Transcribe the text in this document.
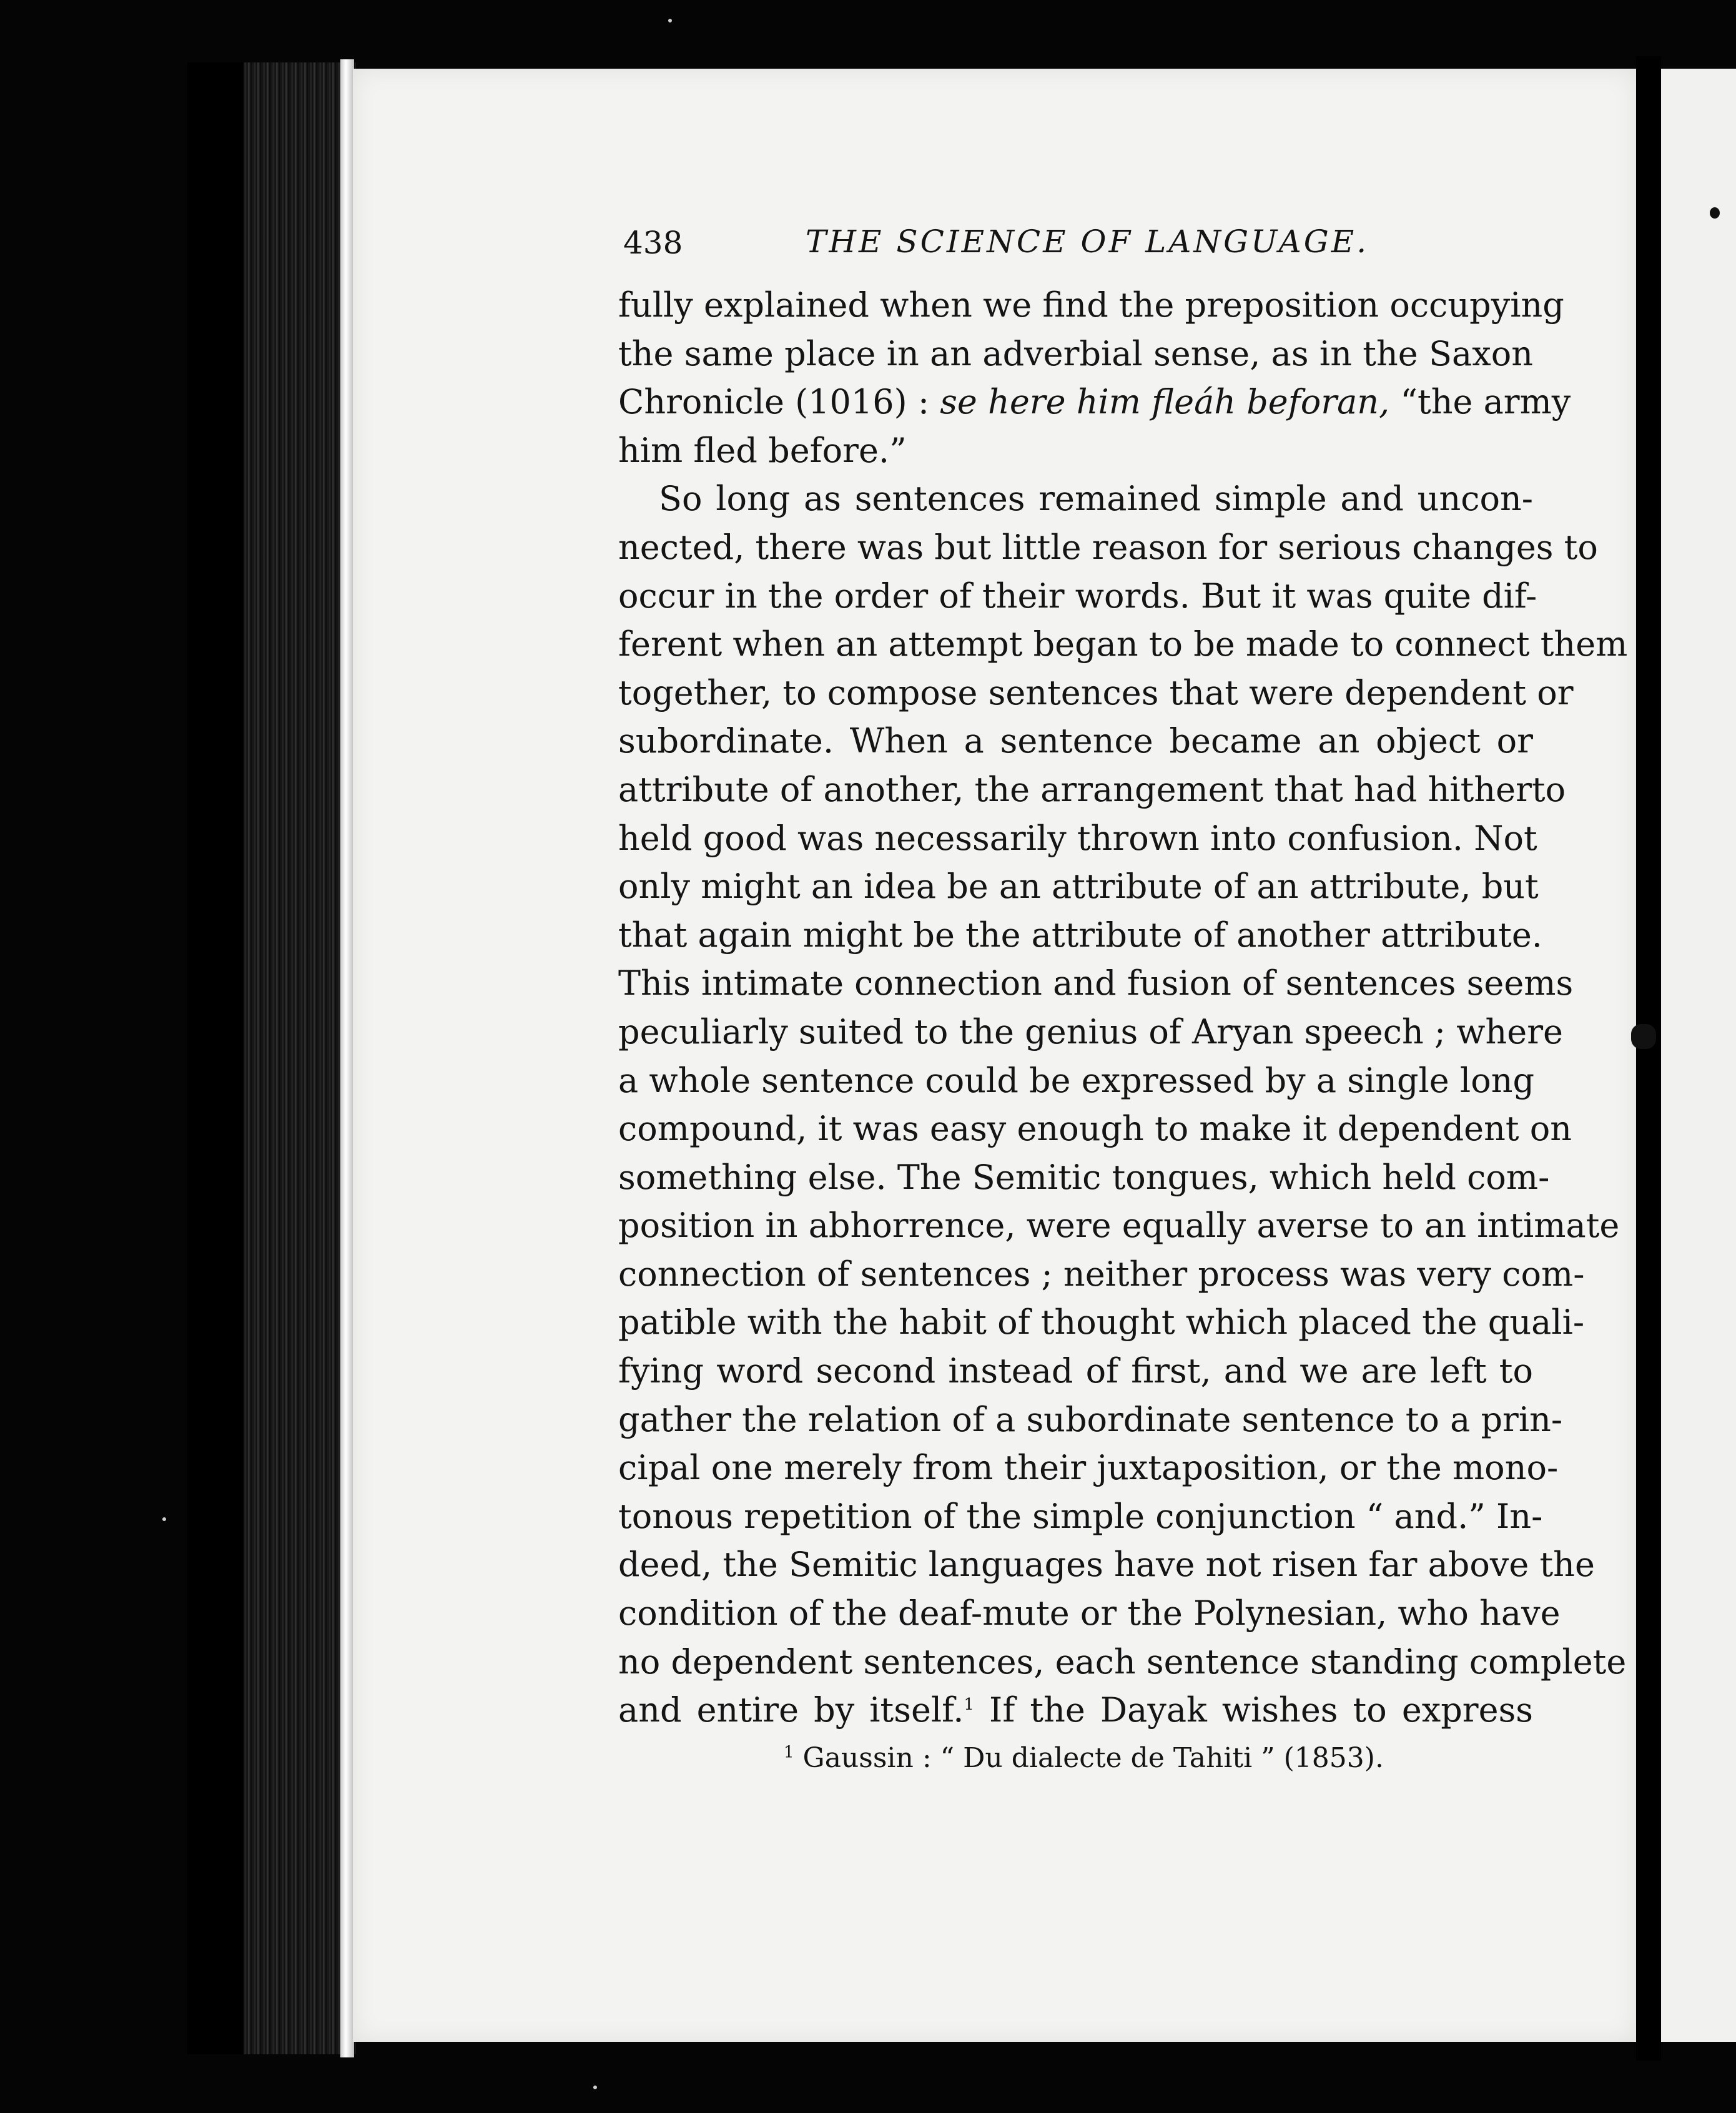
438	THE SCIENCE OF LANGUAGE.
fully explained when we find the preposition occupying
the same place in an adverbial sense, as in the Saxon
Chronicle (1016) : se here him fleáh beforan, “the army
him fled before.”
So long as sentences remained simple and uncon-
nected, there was but little reason for serious changes to
occur in the order of their words. But it was quite dif-
ferent when an attempt began to be made to connect them
together, to compose sentences that were dependent or
subordinate. When a sentence became an object or
attribute of another, the arrangement that had hitherto
held good was necessarily thrown into confusion. Not
only might an idea be an attribute of an attribute, but
that again might be the attribute of another attribute.
This intimate connection and fusion of sentences seems
peculiarly suited to the genius of Aryan speech ; where
a whole sentence could be expressed by a single long
compound, it was easy enough to make it dependent on
something else. The Semitic tongues, which held com-
position in abhorrence, were equally averse to an intimate
connection of sentences ; neither process was very com-
patible with the habit of thought which placed the quali-
fying word second instead of first, and we are left to
gather the relation of a subordinate sentence to a prin-
cipal one merely from their juxtaposition, or the mono-
tonous repetition of the simple conjunction “ and.” In-
deed, the Semitic languages have not risen far above the
condition of the deaf-mute or the Polynesian, who have
no dependent sentences, each sentence standing complete
and entire by itself.$^1$ If the Dayak wishes to express
$^1$ Gaussin : “ Du dialecte de Tahiti ” (1853).
